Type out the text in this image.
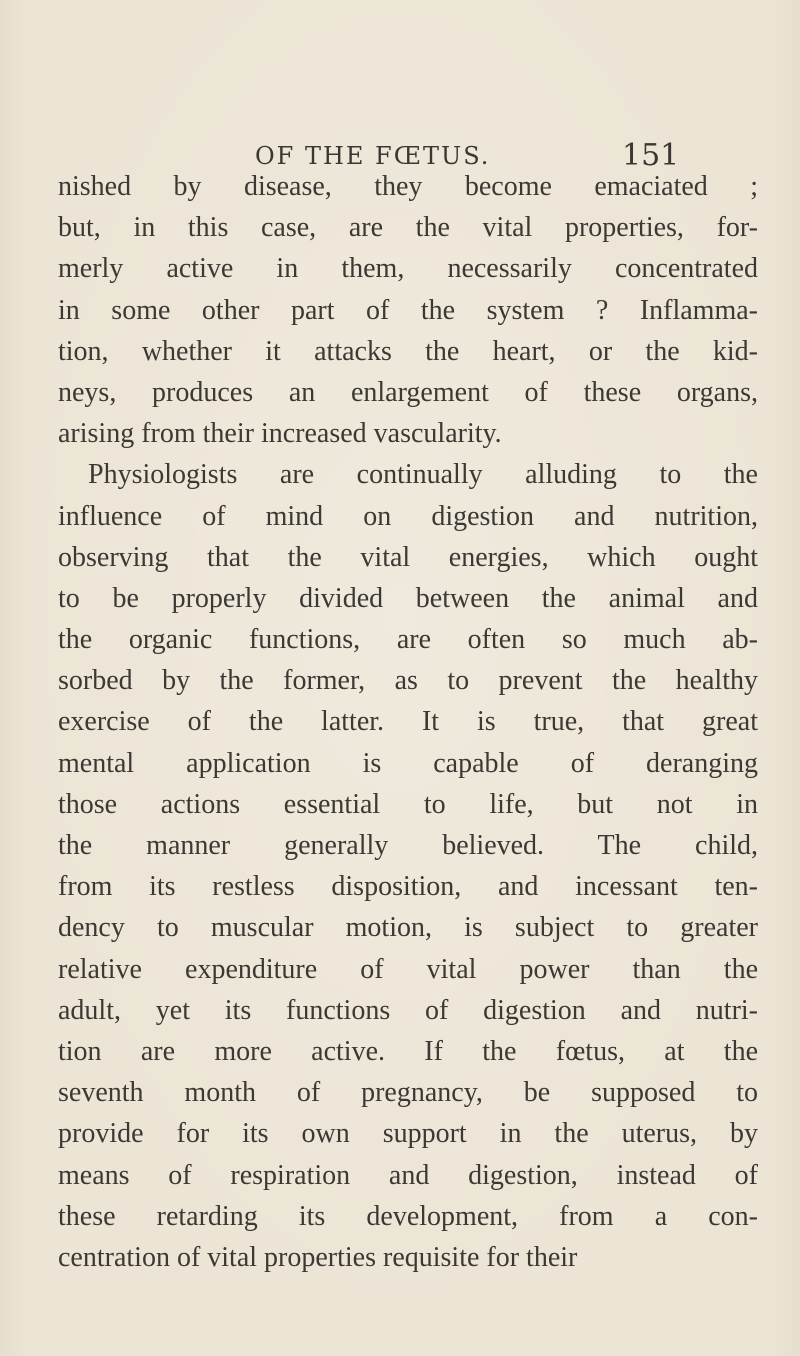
OF THE FŒTUS.	151
nished by disease, they become emaciated ;
but, in this case, are the vital properties, for-
merly active in them, necessarily concentrated
in some other part of the system ? Inflamma-
tion, whether it attacks the heart, or the kid-
neys, produces an enlargement of these organs,
arising from their increased vascularity.
Physiologists are continually alluding to the
influence of mind on digestion and nutrition,
observing that the vital energies, which ought
to be properly divided between the animal and
the organic functions, are often so much ab-
sorbed by the former, as to prevent the healthy
exercise of the latter. It is true, that great
mental application is capable of deranging
those actions essential to life, but not in
the manner generally believed. The child,
from its restless disposition, and incessant ten-
dency to muscular motion, is subject to greater
relative expenditure of vital power than the
adult, yet its functions of digestion and nutri-
tion are more active. If the fœtus, at the
seventh month of pregnancy, be supposed to
provide for its own support in the uterus, by
means of respiration and digestion, instead of
these retarding its development, from a con-
centration of vital properties requisite for their
